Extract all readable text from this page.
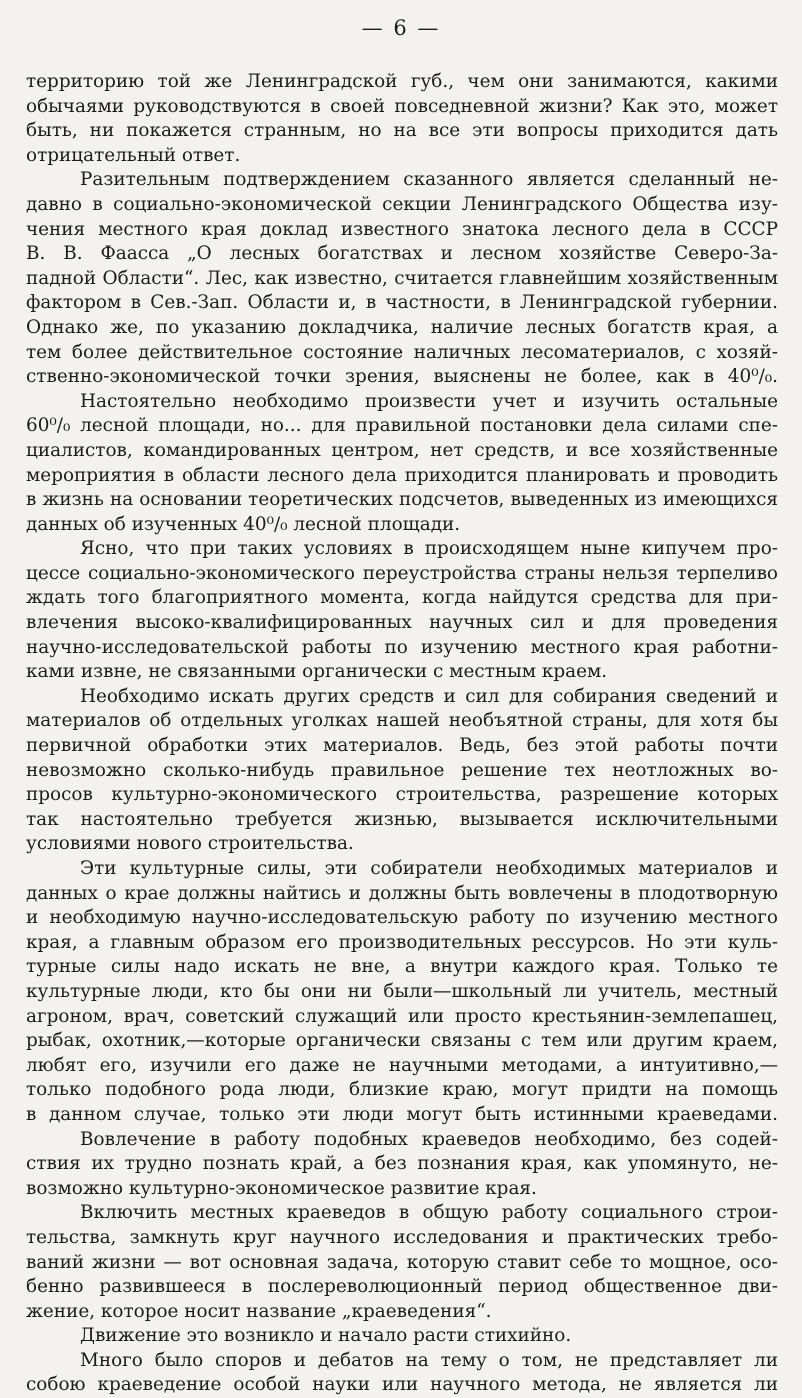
— 6 —
территорию той же Ленинградской губ., чем они занимаются, какими
обычаями руководствуются в своей повседневной жизни? Как это, может
быть, ни покажется странным, но на все эти вопросы приходится дать
отрицательный ответ.
Разительным подтверждением сказанного является сделанный не-
давно в социально-экономической секции Ленинградского Общества изу-
чения местного края доклад известного знатока лесного дела в СССР
В. В. Фаасса „О лесных богатствах и лесном хозяйстве Северо-За-
падной Области“. Лес, как известно, считается главнейшим хозяйственным
фактором в Сев.-Зап. Области и, в частности, в Ленинградской губернии.
Однако же, по указанию докладчика, наличие лесных богатств края, а
тем более действительное состояние наличных лесоматериалов, с хозяй-
ственно-экономической точки зрения, выяснены не более, как в 40⁰/₀.
Настоятельно необходимо произвести учет и изучить остальные
60⁰/₀ лесной площади, но... для правильной постановки дела силами спе-
циалистов, командированных центром, нет средств, и все хозяйственные
мероприятия в области лесного дела приходится планировать и проводить
в жизнь на основании теоретических подсчетов, выведенных из имеющихся
данных об изученных 40⁰/₀ лесной площади.
Ясно, что при таких условиях в происходящем ныне кипучем про-
цессе социально-экономического переустройства страны нельзя терпеливо
ждать того благоприятного момента, когда найдутся средства для при-
влечения высоко-квалифицированных научных сил и для проведения
научно-исследовательской работы по изучению местного края работни-
ками извне, не связанными органически с местным краем.
Необходимо искать других средств и сил для собирания сведений и
материалов об отдельных уголках нашей необъятной страны, для хотя бы
первичной обработки этих материалов. Ведь, без этой работы почти
невозможно сколько-нибудь правильное решение тех неотложных во-
просов культурно-экономического строительства, разрешение которых
так настоятельно требуется жизнью, вызывается исключительными
условиями нового строительства.
Эти культурные силы, эти собиратели необходимых материалов и
данных о крае должны найтись и должны быть вовлечены в плодотворную
и необходимую научно-исследовательскую работу по изучению местного
края, а главным образом его производительных рессурсов. Но эти куль-
турные силы надо искать не вне, а внутри каждого края. Только те
культурные люди, кто бы они ни были—школьный ли учитель, местный
агроном, врач, советский служащий или просто крестьянин-землепашец,
рыбак, охотник,—которые органически связаны с тем или другим краем,
любят его, изучили его даже не научными методами, а интуитивно,—
только подобного рода люди, близкие краю, могут придти на помощь
в данном случае, только эти люди могут быть истинными краеведами.
Вовлечение в работу подобных краеведов необходимо, без содей-
ствия их трудно познать край, а без познания края, как упомянуто, не-
возможно культурно-экономическое развитие края.
Включить местных краеведов в общую работу социального строи-
тельства, замкнуть круг научного исследования и практических требо-
ваний жизни — вот основная задача, которую ставит себе то мощное, осо-
бенно развившееся в послереволюционный период общественное дви-
жение, которое носит название „краеведения“.
Движение это возникло и начало расти стихийно.
Много было споров и дебатов на тему о том, не представляет ли
собою краеведение особой науки или научного метода, не является ли
